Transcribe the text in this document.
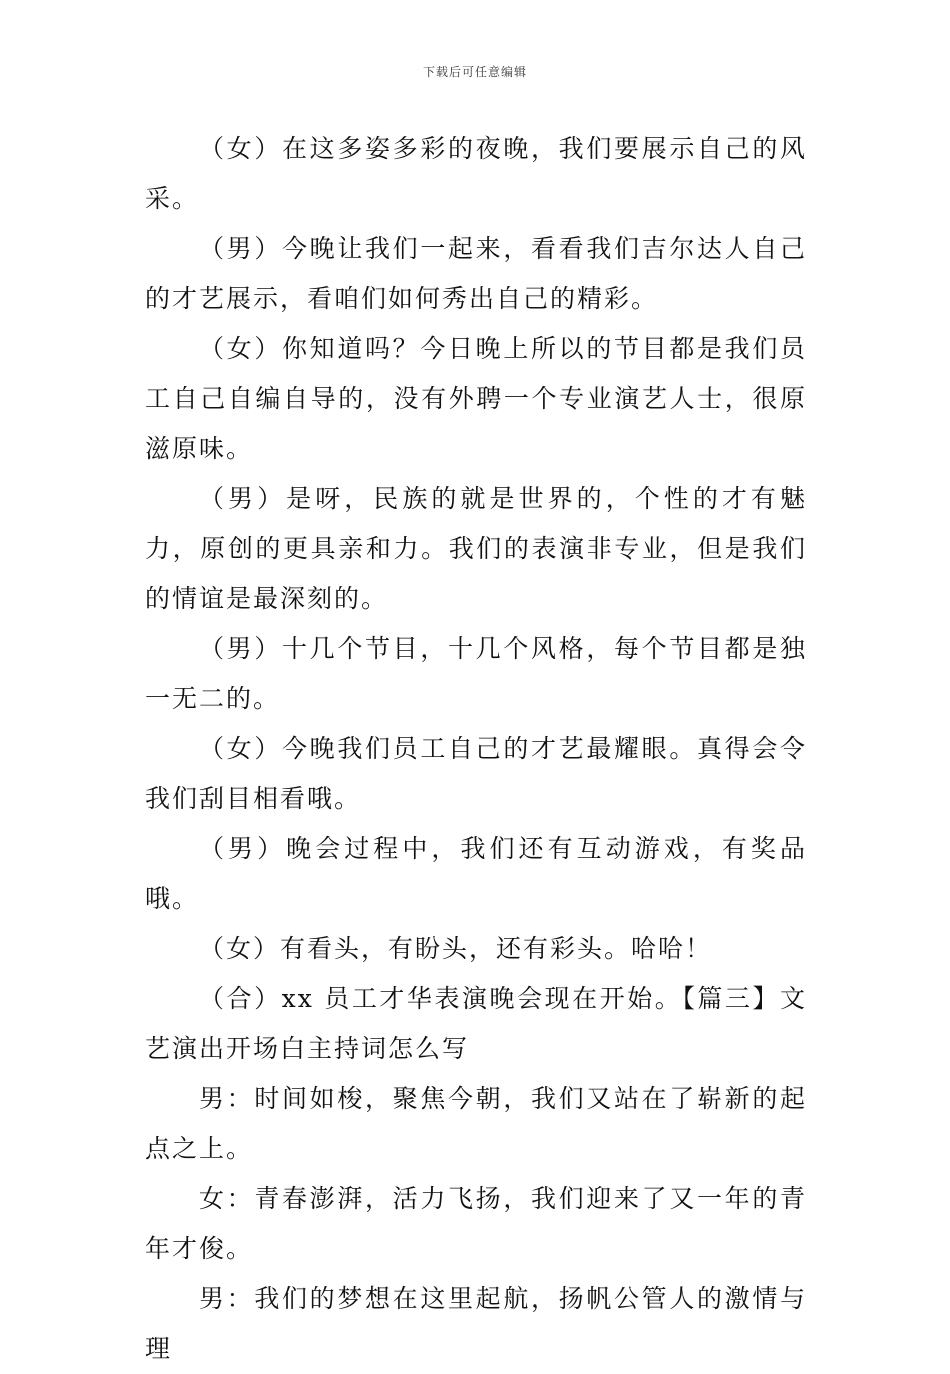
下载后可任意编辑

（女）在这多姿多彩的夜晚，我们要展示自己的风采。

（男）今晚让我们一起来，看看我们吉尔达人自己的才艺展示，看咱们如何秀出自己的精彩。

（女）你知道吗？今日晚上所以的节目都是我们员工自己自编自导的，没有外聘一个专业演艺人士，很原滋原味。

（男）是呀，民族的就是世界的，个性的才有魅力，原创的更具亲和力。我们的表演非专业，但是我们的情谊是最深刻的。

（男）十几个节目，十几个风格，每个节目都是独一无二的。

（女）今晚我们员工自己的才艺最耀眼。真得会令我们刮目相看哦。

（男）晚会过程中，我们还有互动游戏，有奖品哦。

（女）有看头，有盼头，还有彩头。哈哈！

（合）xx 员工才华表演晚会现在开始。【篇三】文艺演出开场白主持词怎么写

男：时间如梭，聚焦今朝，我们又站在了崭新的起点之上。

女：青春澎湃，活力飞扬，我们迎来了又一年的青年才俊。

男：我们的梦想在这里起航，扬帆公管人的激情与理
